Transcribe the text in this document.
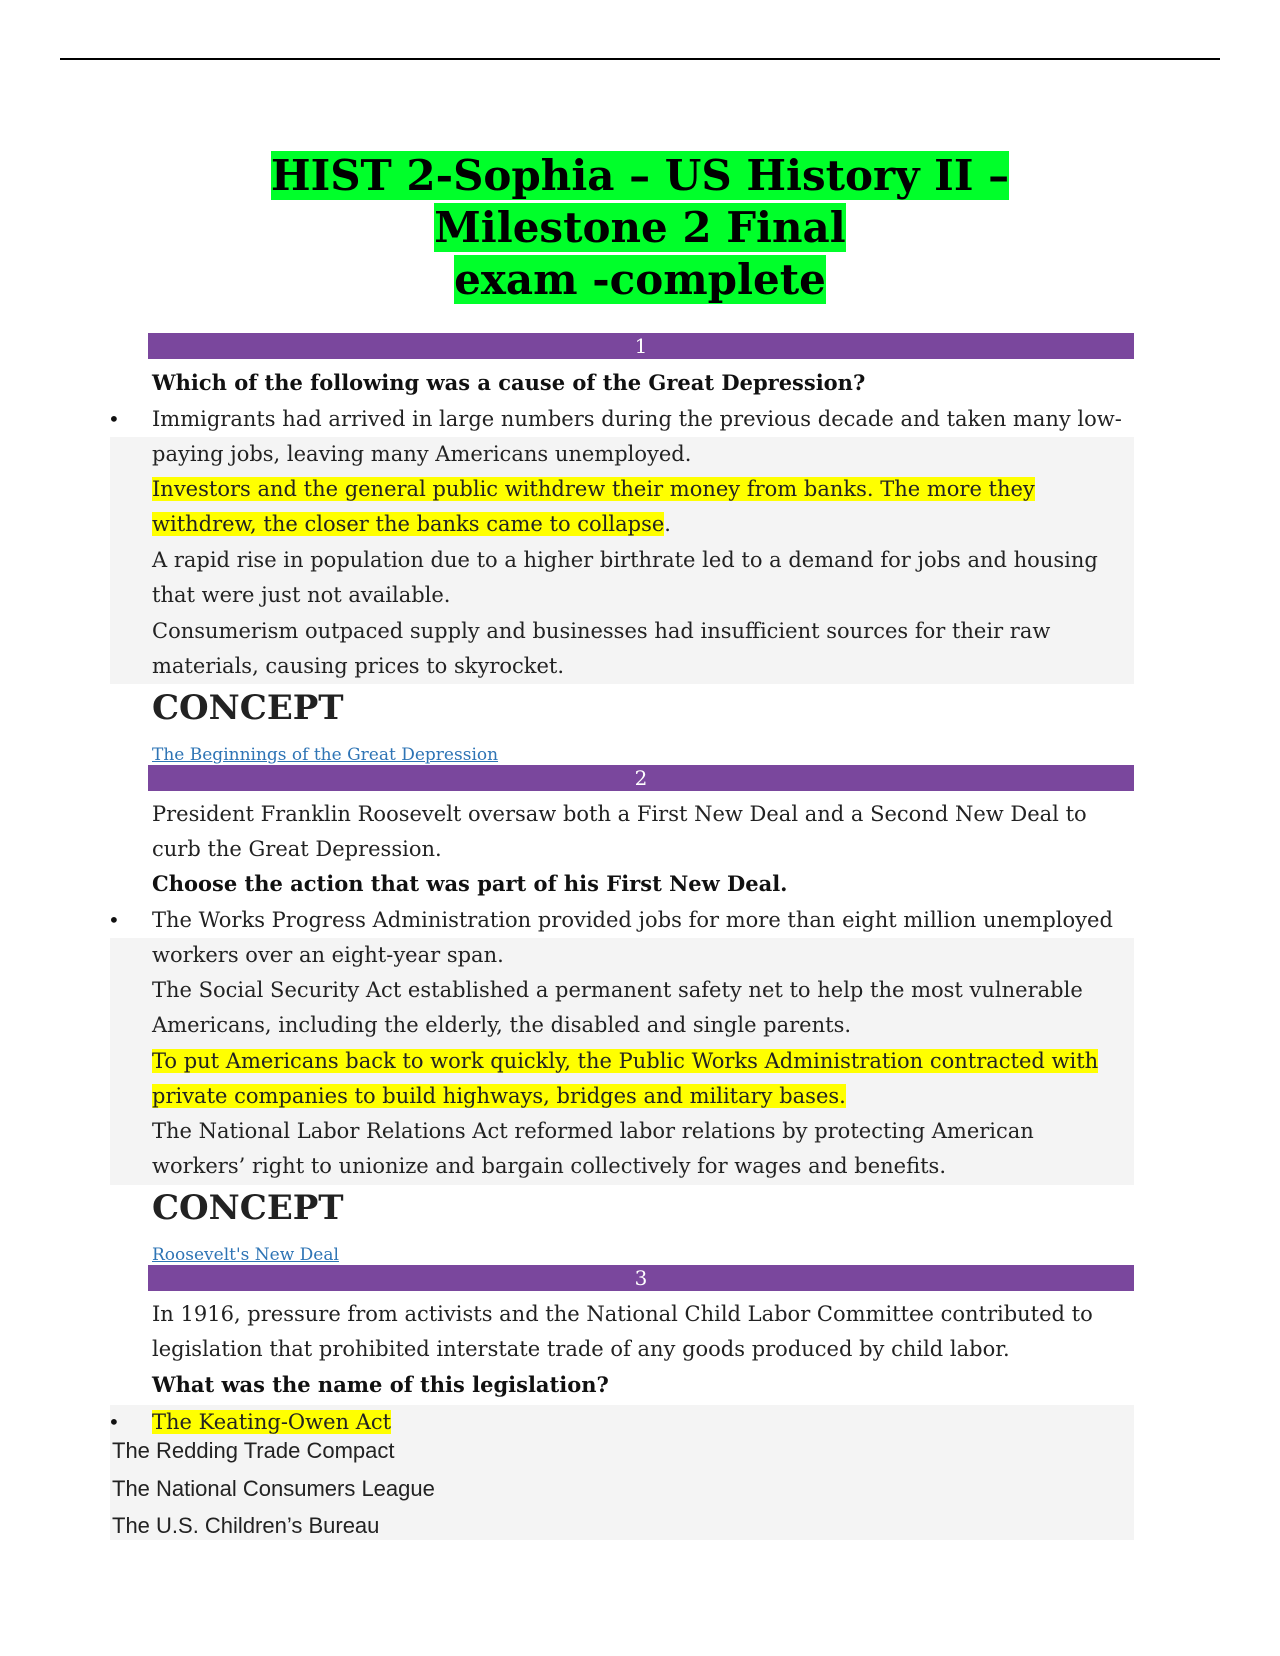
HIST 2-Sophia – US History II – Milestone 2 Final
exam -complete
1
Which of the following was a cause of the Great Depression?
• Immigrants had arrived in large numbers during the previous decade and taken many low-
paying jobs, leaving many Americans unemployed.
Investors and the general public withdrew their money from banks. The more they
withdrew, the closer the banks came to collapse.
A rapid rise in population due to a higher birthrate led to a demand for jobs and housing
that were just not available.
Consumerism outpaced supply and businesses had insufficient sources for their raw
materials, causing prices to skyrocket.
CONCEPT
The Beginnings of the Great Depression
2
President Franklin Roosevelt oversaw both a First New Deal and a Second New Deal to
curb the Great Depression.
Choose the action that was part of his First New Deal.
• The Works Progress Administration provided jobs for more than eight million unemployed
workers over an eight-year span.
The Social Security Act established a permanent safety net to help the most vulnerable
Americans, including the elderly, the disabled and single parents.
To put Americans back to work quickly, the Public Works Administration contracted with
private companies to build highways, bridges and military bases.
The National Labor Relations Act reformed labor relations by protecting American
workers’ right to unionize and bargain collectively for wages and benefits.
CONCEPT
Roosevelt's New Deal
3
In 1916, pressure from activists and the National Child Labor Committee contributed to
legislation that prohibited interstate trade of any goods produced by child labor.
What was the name of this legislation?
• The Keating-Owen Act
The Redding Trade Compact
The National Consumers League
The U.S. Children’s Bureau
